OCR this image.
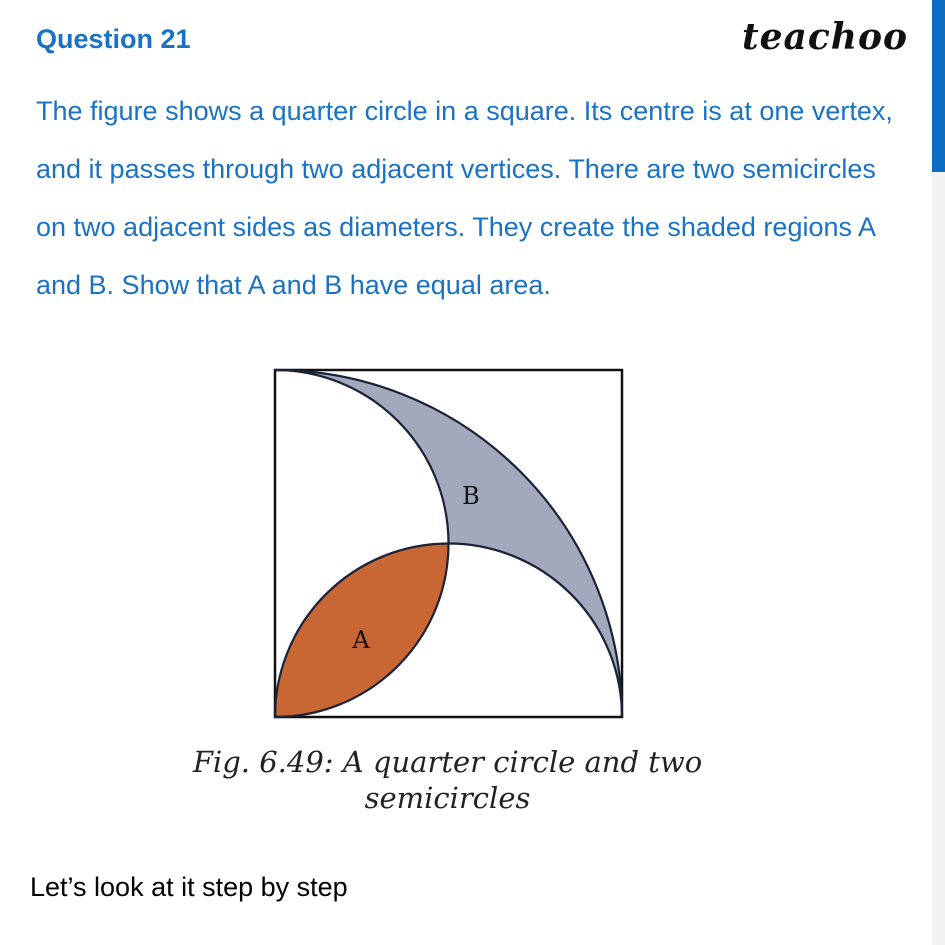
Question 21	teachoo
The figure shows a quarter circle in a square. Its centre is at one vertex, and it passes through two adjacent vertices. There are two semicircles on two adjacent sides as diameters. They create the shaded regions A and B. Show that A and B have equal area.
B
A
Fig. 6.49: A quarter circle and two
semicircles
Let’s look at it step by step
